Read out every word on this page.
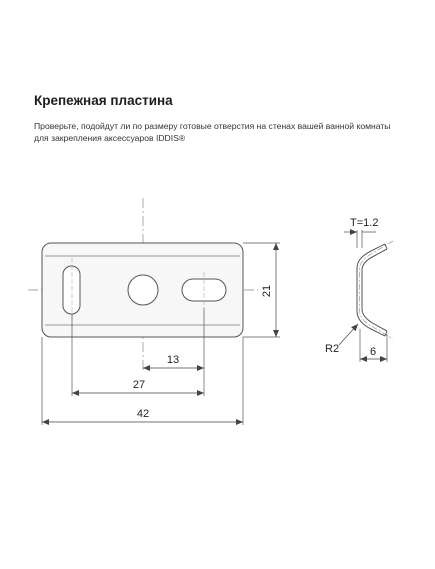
Крепежная пластина

Проверьте, подойдут ли по размеру готовые отверстия на стенах вашей ванной комнаты
для закрепления аксессуаров IDDIS®

13
27
42
21
T=1.2
R2	6
